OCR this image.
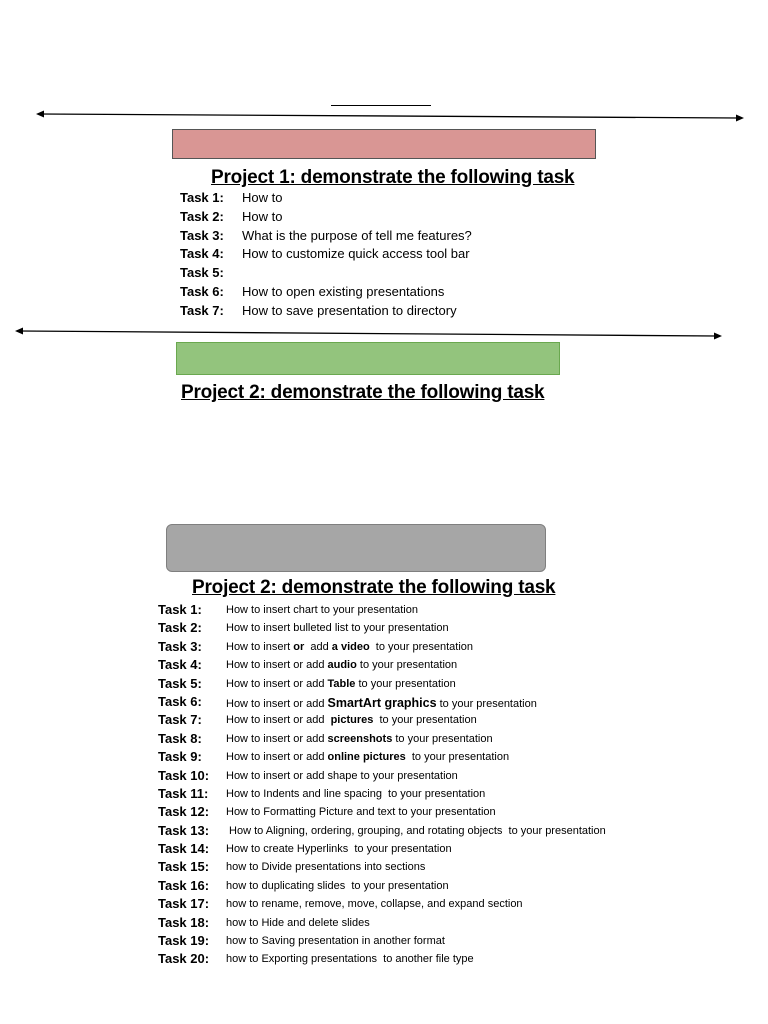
Project 1: demonstrate the following task
Task 1: How to
Task 2: How to
Task 3: What is the purpose of tell me features?
Task 4: How to customize quick access tool bar
Task 5:
Task 6: How to open existing presentations
Task 7: How to save presentation to directory
Project 2: demonstrate the following task
Project 2: demonstrate the following task
Task 1: How to insert chart to your presentation
Task 2: How to insert bulleted list to your presentation
Task 3: How to insert or  add a video  to your presentation
Task 4: How to insert or add audio to your presentation
Task 5: How to insert or add Table to your presentation
Task 6: How to insert or add SmartArt graphics to your presentation
Task 7: How to insert or add  pictures  to your presentation
Task 8: How to insert or add screenshots to your presentation
Task 9: How to insert or add online pictures  to your presentation
Task 10: How to insert or add shape to your presentation
Task 11: How to Indents and line spacing  to your presentation
Task 12: How to Formatting Picture and text to your presentation
Task 13: How to Aligning, ordering, grouping, and rotating objects  to your presentation
Task 14: How to create Hyperlinks  to your presentation
Task 15: how to Divide presentations into sections
Task 16: how to duplicating slides  to your presentation
Task 17: how to rename, remove, move, collapse, and expand section
Task 18: how to Hide and delete slides
Task 19: how to Saving presentation in another format
Task 20: how to Exporting presentations  to another file type
